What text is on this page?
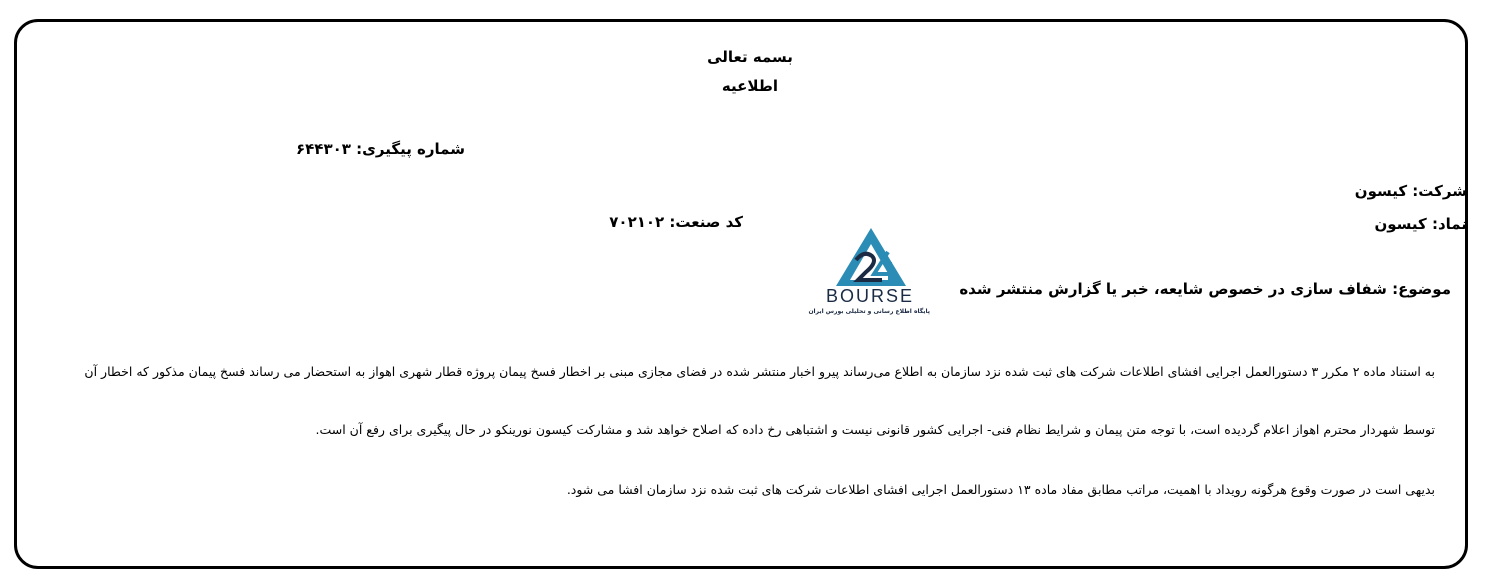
بسمه تعالی
اطلاعیه
شماره پیگیری: ۶۴۴۳۰۳
شرکت: کیسون
نماد: کیسون
کد صنعت: ۷۰۲۱۰۲
BOURSE
پایگاه اطلاع رسانی و تحلیلی بورس ایران
موضوع: شفاف سازی در خصوص شایعه، خبر یا گزارش منتشر شده
به استناد ماده ۲ مکرر ۳ دستورالعمل اجرایی افشای اطلاعات شرکت های ثبت شده نزد سازمان به اطلاع می‌رساند پیرو اخبار منتشر شده در فضای مجازی مبنی بر اخطار فسخ پیمان پروژه قطار شهری اهواز به استحضار می رساند فسخ پیمان مذکور که اخطار آن
توسط شهردار محترم اهواز اعلام گردیده است، با توجه متن پیمان و شرایط نظام فنی- اجرایی کشور قانونی نیست و اشتباهی رخ داده که اصلاح خواهد شد و مشارکت کیسون نورینکو در حال پیگیری برای رفع آن است.
بدیهی است در صورت وقوع هرگونه رویداد با اهمیت، مراتب مطابق مفاد ماده ۱۳ دستورالعمل اجرایی افشای اطلاعات شرکت های ثبت شده نزد سازمان افشا می شود.
